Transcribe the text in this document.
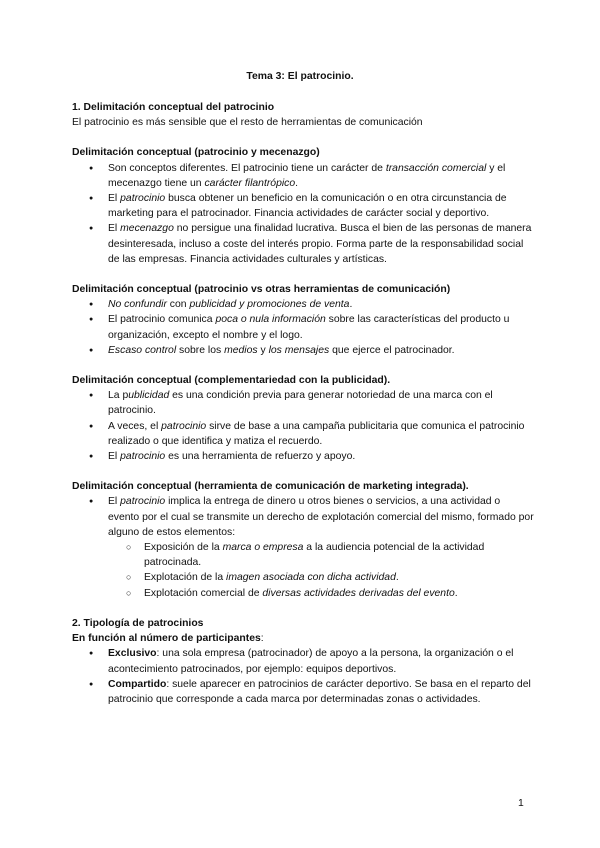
Tema 3: El patrocinio.

1. Delimitación conceptual del patrocinio

El patrocinio es más sensible que el resto de herramientas de comunicación

Delimitación conceptual (patrocinio y mecenazgo)

● Son conceptos diferentes. El patrocinio tiene un carácter de transacción comercial y el mecenazgo tiene un carácter filantrópico.
● El patrocinio busca obtener un beneficio en la comunicación o en otra circunstancia de marketing para el patrocinador. Financia actividades de carácter social y deportivo.
● El mecenazgo no persigue una finalidad lucrativa. Busca el bien de las personas de manera desinteresada, incluso a coste del interés propio. Forma parte de la responsabilidad social de las empresas. Financia actividades culturales y artísticas.

Delimitación conceptual (patrocinio vs otras herramientas de comunicación)

● No confundir con publicidad y promociones de venta.
● El patrocinio comunica poca o nula información sobre las características del producto u organización, excepto el nombre y el logo.
● Escaso control sobre los medios y los mensajes que ejerce el patrocinador.

Delimitación conceptual (complementariedad con la publicidad).

● La publicidad es una condición previa para generar notoriedad de una marca con el patrocinio.
● A veces, el patrocinio sirve de base a una campaña publicitaria que comunica el patrocinio realizado o que identifica y matiza el recuerdo.
● El patrocinio es una herramienta de refuerzo y apoyo.

Delimitación conceptual (herramienta de comunicación de marketing integrada).

● El patrocinio implica la entrega de dinero u otros bienes o servicios, a una actividad o evento por el cual se transmite un derecho de explotación comercial del mismo, formado por alguno de estos elementos:
○ Exposición de la marca o empresa a la audiencia potencial de la actividad patrocinada.
○ Explotación de la imagen asociada con dicha actividad.
○ Explotación comercial de diversas actividades derivadas del evento.

2. Tipología de patrocinios

En función al número de participantes:

● Exclusivo: una sola empresa (patrocinador) de apoyo a la persona, la organización o el acontecimiento patrocinados, por ejemplo: equipos deportivos.
● Compartido: suele aparecer en patrocinios de carácter deportivo. Se basa en el reparto del patrocinio que corresponde a cada marca por determinadas zonas o actividades.
1
